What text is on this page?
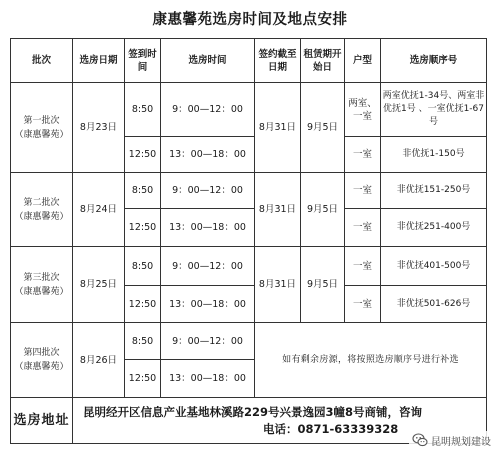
康惠馨苑选房时间及地点安排
批次	选房日期	签到时间	选房时间	签约截至日期	租赁期开始日	户型	选房顺序号
第一批次
（康惠馨苑）	8月23日	8:50	9：00—12：00	8月31日	9月5日	两室、一室	两室优抚1-34号、两室非优抚1号 、一室优抚1-67号
		12:50	13：00—18：00			一室	非优抚1-150号
第二批次
（康惠馨苑）	8月24日	8:50	9：00—12：00	8月31日	9月5日	一室	非优抚151-250号
		12:50	13：00—18：00			一室	非优抚251-400号
第三批次
（康惠馨苑）	8月25日	8:50	9：00—12：00	8月31日	9月5日	一室	非优抚401-500号
		12:50	13：00—18：00			一室	非优抚501-626号
第四批次
（康惠馨苑）	8月26日	8:50	9：00—12：00	如有剩余房源，将按照选房顺序号进行补选			
		12:50	13：00—18：00				
选房地址	昆明经开区信息产业基地林溪路229号兴景逸园3幢8号商铺，咨询
电话：0871-63339328						
昆明规划建设
